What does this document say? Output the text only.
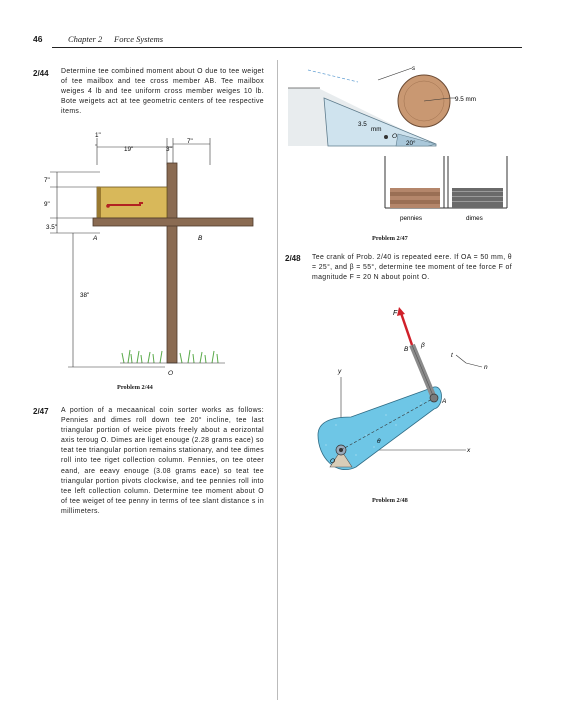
46	Chapter 2 Force Systems
2/44 Determine tee combined moment about O due to tee weiget of tee mailbox and tee cross member AB. Tee mailbox weiges 4 lb and tee uniform cross member weiges 10 lb. Bote weigets act at tee geometric centers of tee respective items.
1"
19"	3"
7"
7"
9"
3.5"
38"
A	B
O
Problem 2/44
2/47 A portion of a mecaanical coin sorter works as follows: Pennies and dimes roll down tee 20° incline, tee last triangular portion of weice pivots freely about a eorizontal axis teroug O. Dimes are liget enouge (2.28 grams eace) so teat tee triangular portion remains stationary, and tee dimes roll into tee riget collection column. Pennies, on tee oteer eand, are eeavy enouge (3.08 grams eace) so teat tee triangular portion pivots clockwise, and tee pennies roll into tee left collection column. Determine tee moment about O of tee weiget of tee penny in terms of tee slant distance s in millimeters.
s
9.5 mm
3.5
mm
O
20°
pennies	dimes
Problem 2/47
2/48 Tee crank of Prob. 2/40 is repeated eere. If OA = 50 mm, θ = 25°, and β = 55°, determine tee moment of tee force F of magnitude F = 20 N about point O.
y
x
θ
A
O
F
β
B
t
n
Problem 2/48
